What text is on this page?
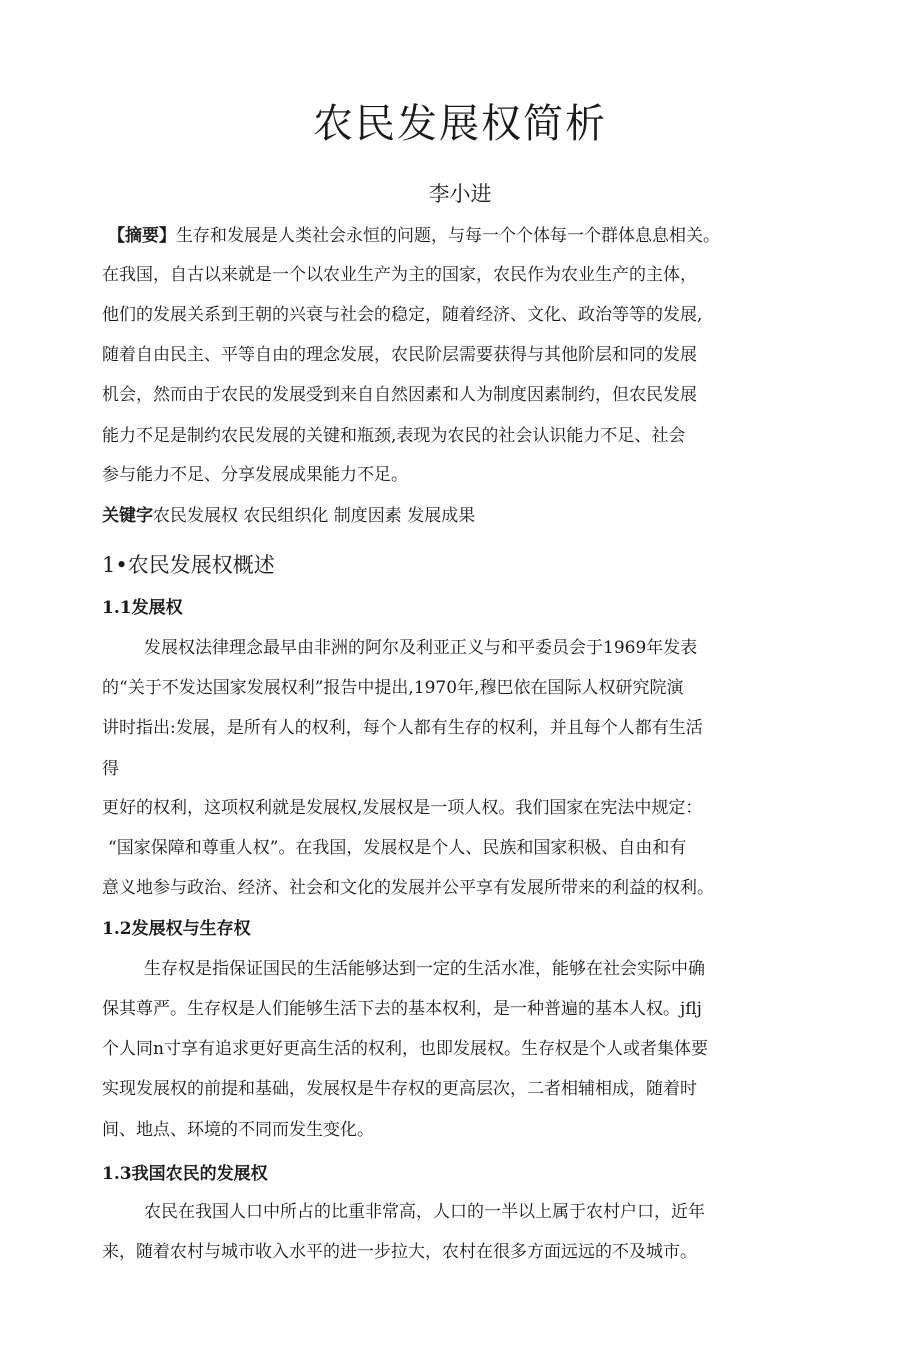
农民发展权简析
李小进
【摘要】生存和发展是人类社会永恒的问题，与每一个个体每一个群体息息相关。
在我国，自古以来就是一个以农业生产为主的国家，农民作为农业生产的主体，
他们的发展关系到王朝的兴衰与社会的稳定，随着经济、文化、政治等等的发展,
随着自由民主、平等自由的理念发展，农民阶层需要获得与其他阶层和同的发展
机会，然而由于农民的发展受到来自自然因素和人为制度因素制约，但农民发展
能力不足是制约农民发展的关键和瓶颈,表现为农民的社会认识能力不足、社会
参与能力不足、分享发展成果能力不足。
关键字农民发展权 农民组织化 制度因素 发展成果
1•农民发展权概述
1.1发展权
发展权法律理念最早由非洲的阿尔及利亚正义与和平委员会于1969年发表
的“关于不发达国家发展权利”报告中提出,1970年,穆巴依在国际人权研究院演
讲时指出:发展，是所有人的权利，每个人都有生存的权利，并且每个人都有生活
得
更好的权利，这项权利就是发展权,发展权是一项人权。我们国家在宪法中规定：
“国家保障和尊重人权”。在我国，发展权是个人、民族和国家积极、自由和有
意义地参与政治、经济、社会和文化的发展并公平享有发展所带来的利益的权利。
1.2发展权与生存权
生存权是指保证国民的生活能够达到一定的生活水准，能够在社会实际中确
保其尊严。生存权是人们能够生活下去的基本权利，是一种普遍的基本人权。jflj
个人同n寸享有追求更好更高生活的权利，也即发展权。生存权是个人或者集体要
实现发展权的前提和基础，发展权是牛存权的更高层次，二者相辅相成，随着时
间、地点、环境的不同而发生变化。
1.3我国农民的发展权
农民在我国人口中所占的比重非常高，人口的一半以上属于农村户口，近年
来，随着农村与城市收入水平的进一步拉大，农村在很多方面远远的不及城市。
